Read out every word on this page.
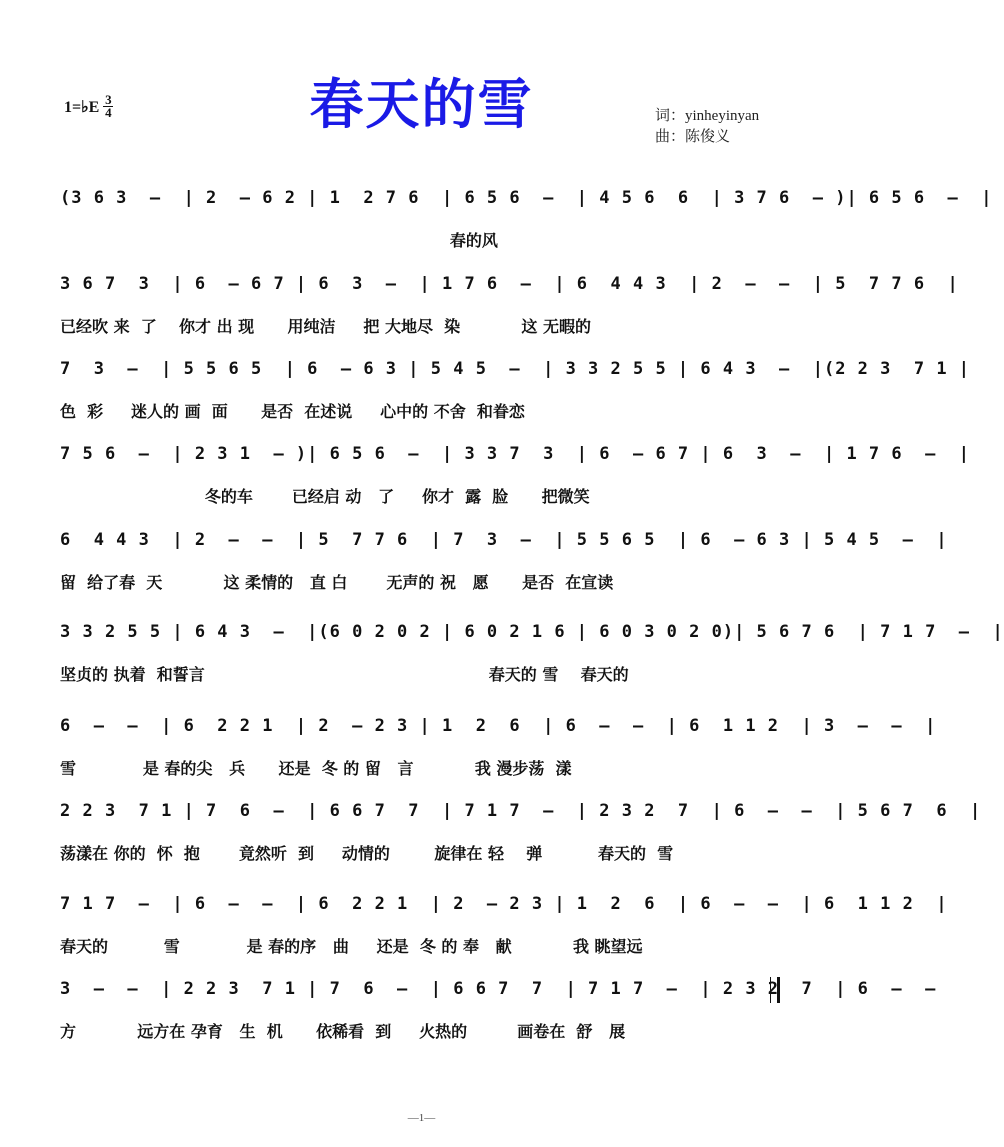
春天的雪
1=♭E $\frac{3}{4}$	词：yinheyinyan
曲：陈俊义
(3 6 3  —  | 2  — 6 2 | 1  2 7 6  | 6 5 6  —  | 4 5 6  6  | 3 7 6  — )| 6 5 6  —  |
春的风
3 6 7  3  | 6  — 6 7 | 6  3  —  | 1 7 6  —  | 6  4 4 3  | 2  —  —  | 5  7 7 6  |
已经吹 来  了    你才 出 现      用纯洁     把 大地尽  染           这 无暇的
7  3  —  | 5 5 6 5  | 6  — 6 3 | 5 4 5  —  | 3 3 2 5 5 | 6 4 3  —  |(2 2 3  7 1 |
色  彩     迷人的 画  面      是否  在述说     心中的 不舍  和眷恋
7 5 6  —  | 2 3 1  — )| 6 5 6  —  | 3 3 7  3  | 6  — 6 7 | 6  3  —  | 1 7 6  —  |
冬的车       已经启 动   了     你才  露  脸      把微笑
6  4 4 3  | 2  —  —  | 5  7 7 6  | 7  3  —  | 5 5 6 5  | 6  — 6 3 | 5 4 5  —  |
留  给了春  天           这 柔情的   直 白       无声的 祝   愿      是否  在宣读
3 3 2 5 5 | 6 4 3  —  |(6 0 2 0 2 | 6 0 2 1 6 | 6 0 3 0 2 0)| 5 6 7 6  | 7 1 7  —  |
坚贞的 执着  和誓言                                                   春天的 雪    春天的
6  —  —  | 6  2 2 1  | 2  — 2 3 | 1  2  6  | 6  —  —  | 6  1 1 2  | 3  —  —  |
雪            是 春的尖   兵      还是  冬 的 留   言           我 漫步荡  漾
2 2 3  7 1 | 7  6  —  | 6 6 7  7  | 7 1 7  —  | 2 3 2  7  | 6  —  —  | 5 6 7  6  |
荡漾在 你的  怀  抱       竟然听  到     动情的        旋律在 轻    弹          春天的  雪
7 1 7  —  | 6  —  —  | 6  2 2 1  | 2  — 2 3 | 1  2  6  | 6  —  —  | 6  1 1 2  |
春天的          雪            是 春的序   曲     还是  冬 的 奉   献           我 眺望远
3  —  —  | 2 2 3  7 1 | 7  6  —  | 6 6 7  7  | 7 1 7  —  | 2 3 2  7  | 6  —  —
方           远方在 孕育   生  机      依稀看  到     火热的         画卷在  舒   展
—1—
